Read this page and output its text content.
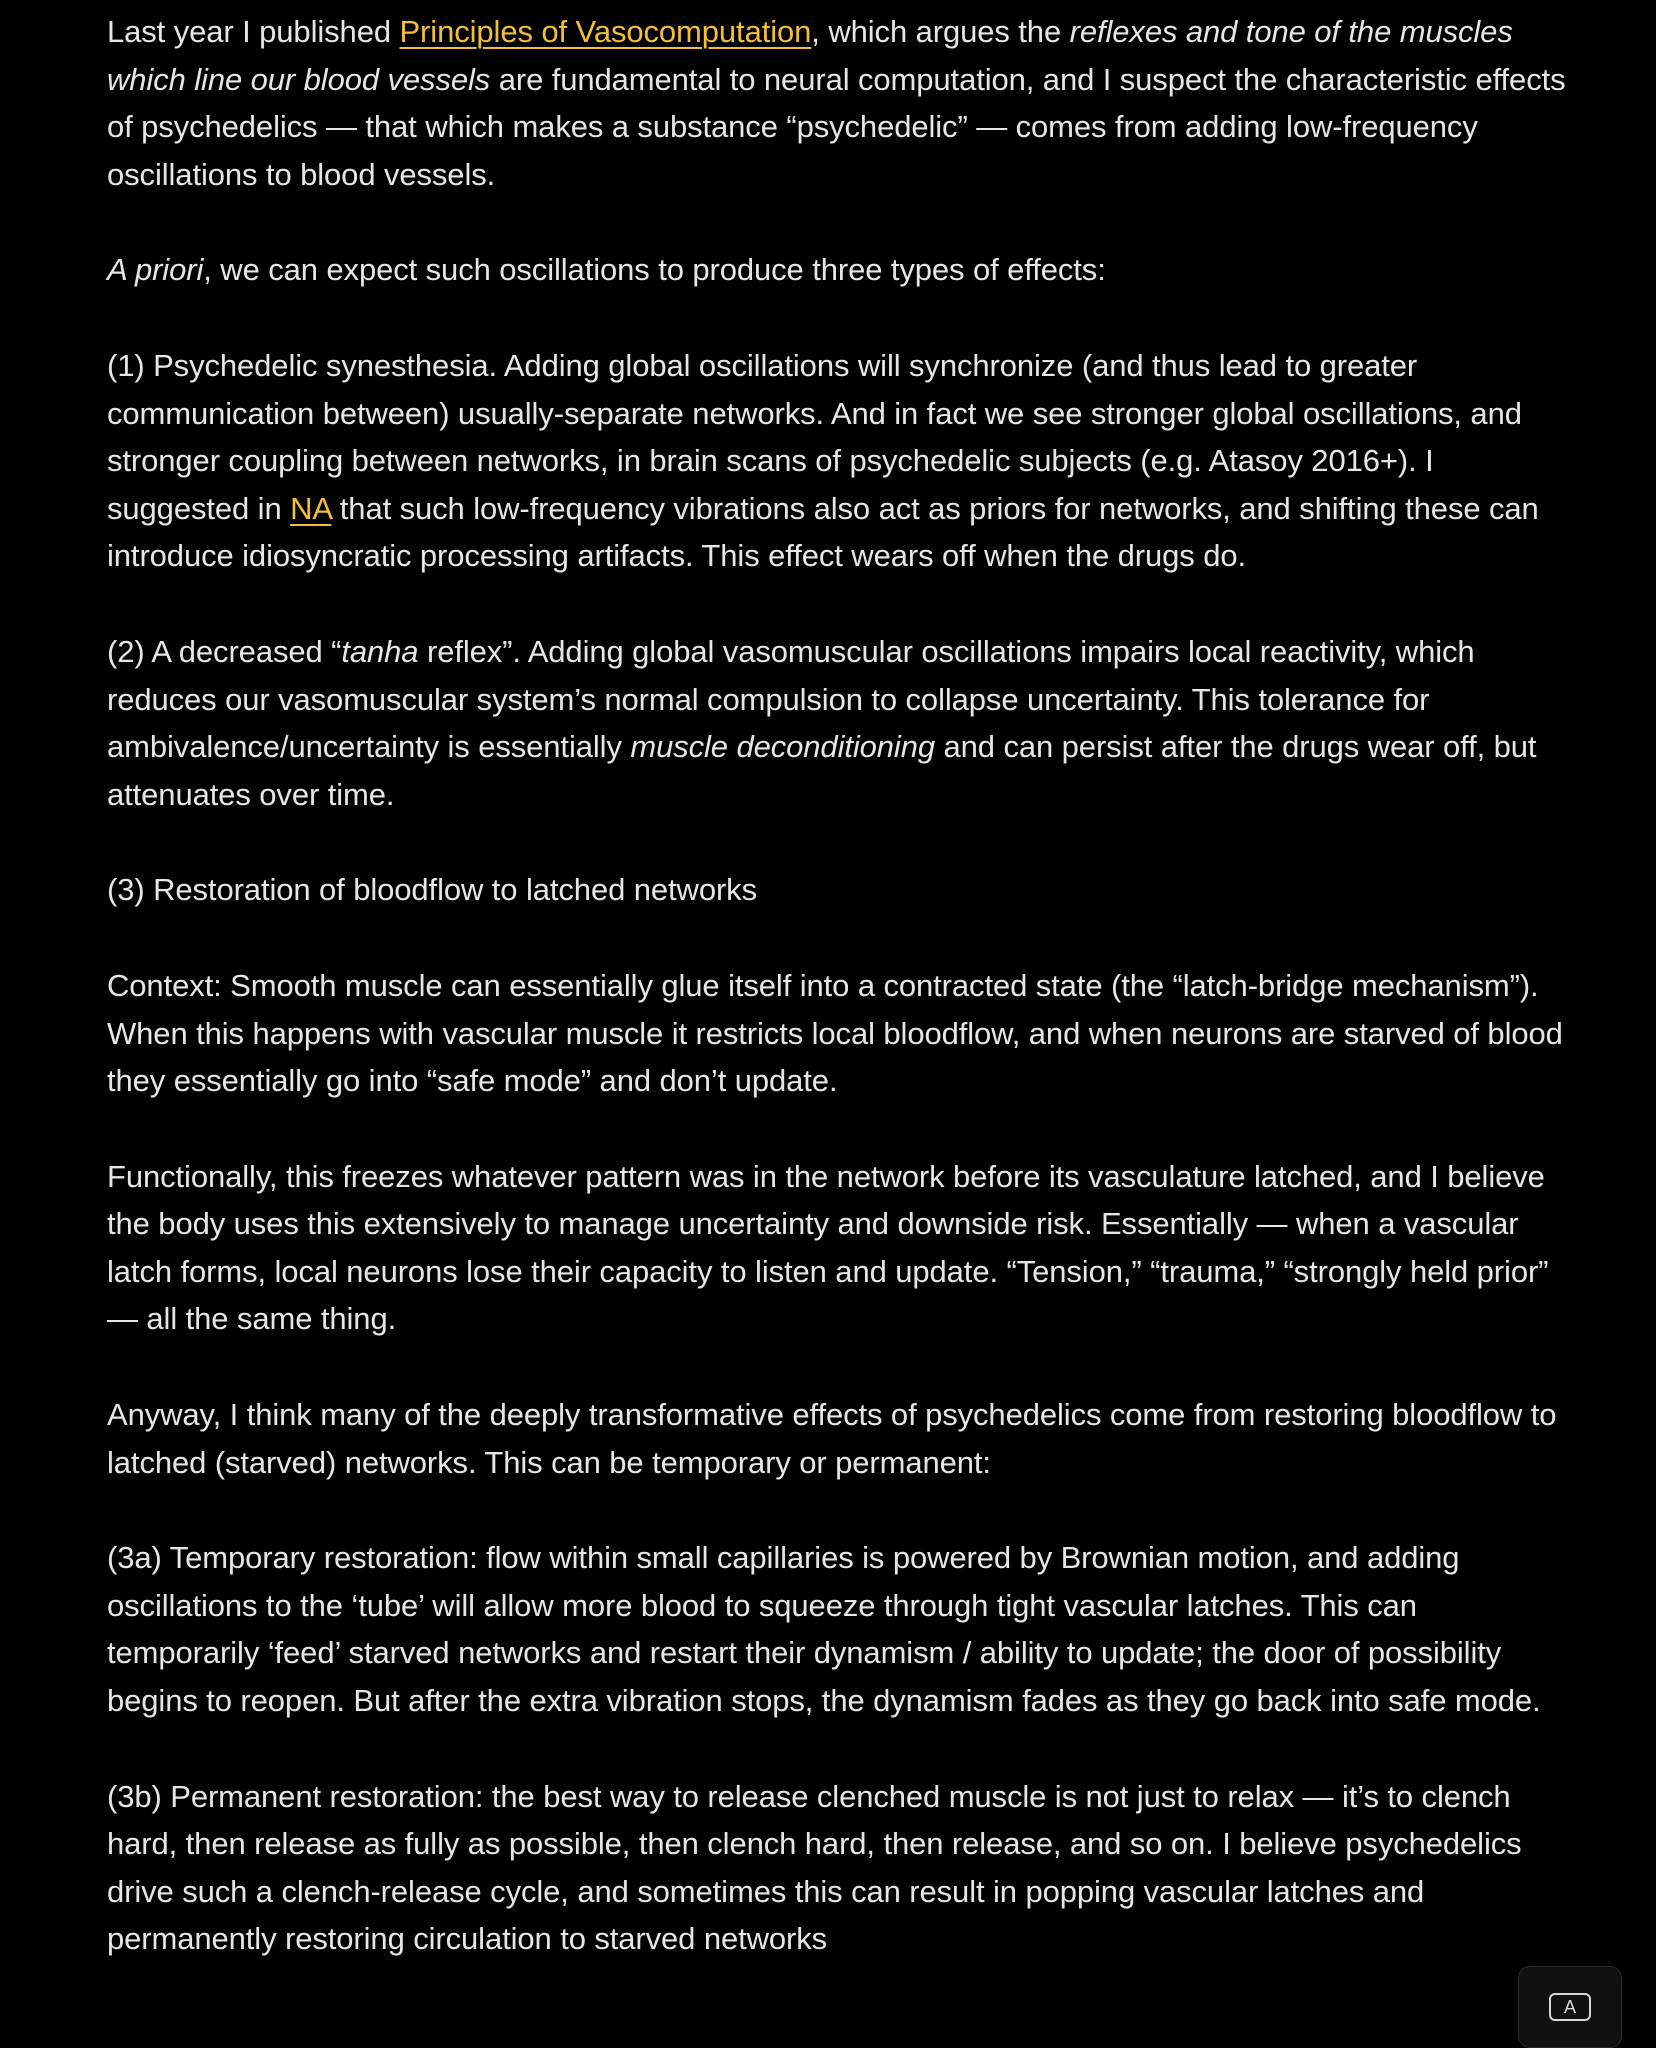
Last year I published Principles of Vasocomputation, which argues the reflexes and tone of the muscles which line our blood vessels are fundamental to neural computation, and I suspect the characteristic effects of psychedelics — that which makes a substance “psychedelic” — comes from adding low-frequency oscillations to blood vessels.

A priori, we can expect such oscillations to produce three types of effects:

(1) Psychedelic synesthesia. Adding global oscillations will synchronize (and thus lead to greater communication between) usually-separate networks. And in fact we see stronger global oscillations, and stronger coupling between networks, in brain scans of psychedelic subjects (e.g. Atasoy 2016+). I suggested in NA that such low-frequency vibrations also act as priors for networks, and shifting these can introduce idiosyncratic processing artifacts. This effect wears off when the drugs do.

(2) A decreased “tanha reflex”. Adding global vasomuscular oscillations impairs local reactivity, which reduces our vasomuscular system’s normal compulsion to collapse uncertainty. This tolerance for ambivalence/uncertainty is essentially muscle deconditioning and can persist after the drugs wear off, but attenuates over time.

(3) Restoration of bloodflow to latched networks

Context: Smooth muscle can essentially glue itself into a contracted state (the “latch-bridge mechanism”). When this happens with vascular muscle it restricts local bloodflow, and when neurons are starved of blood they essentially go into “safe mode” and don’t update.

Functionally, this freezes whatever pattern was in the network before its vasculature latched, and I believe the body uses this extensively to manage uncertainty and downside risk. Essentially — when a vascular latch forms, local neurons lose their capacity to listen and update. “Tension,” “trauma,” “strongly held prior” — all the same thing.

Anyway, I think many of the deeply transformative effects of psychedelics come from restoring bloodflow to latched (starved) networks. This can be temporary or permanent:

(3a) Temporary restoration: flow within small capillaries is powered by Brownian motion, and adding oscillations to the ‘tube’ will allow more blood to squeeze through tight vascular latches. This can temporarily ‘feed’ starved networks and restart their dynamism / ability to update; the door of possibility begins to reopen. But after the extra vibration stops, the dynamism fades as they go back into safe mode.

(3b) Permanent restoration: the best way to release clenched muscle is not just to relax — it’s to clench hard, then release as fully as possible, then clench hard, then release, and so on. I believe psychedelics drive such a clench-release cycle, and sometimes this can result in popping vascular latches and permanently restoring circulation to starved networks

A
